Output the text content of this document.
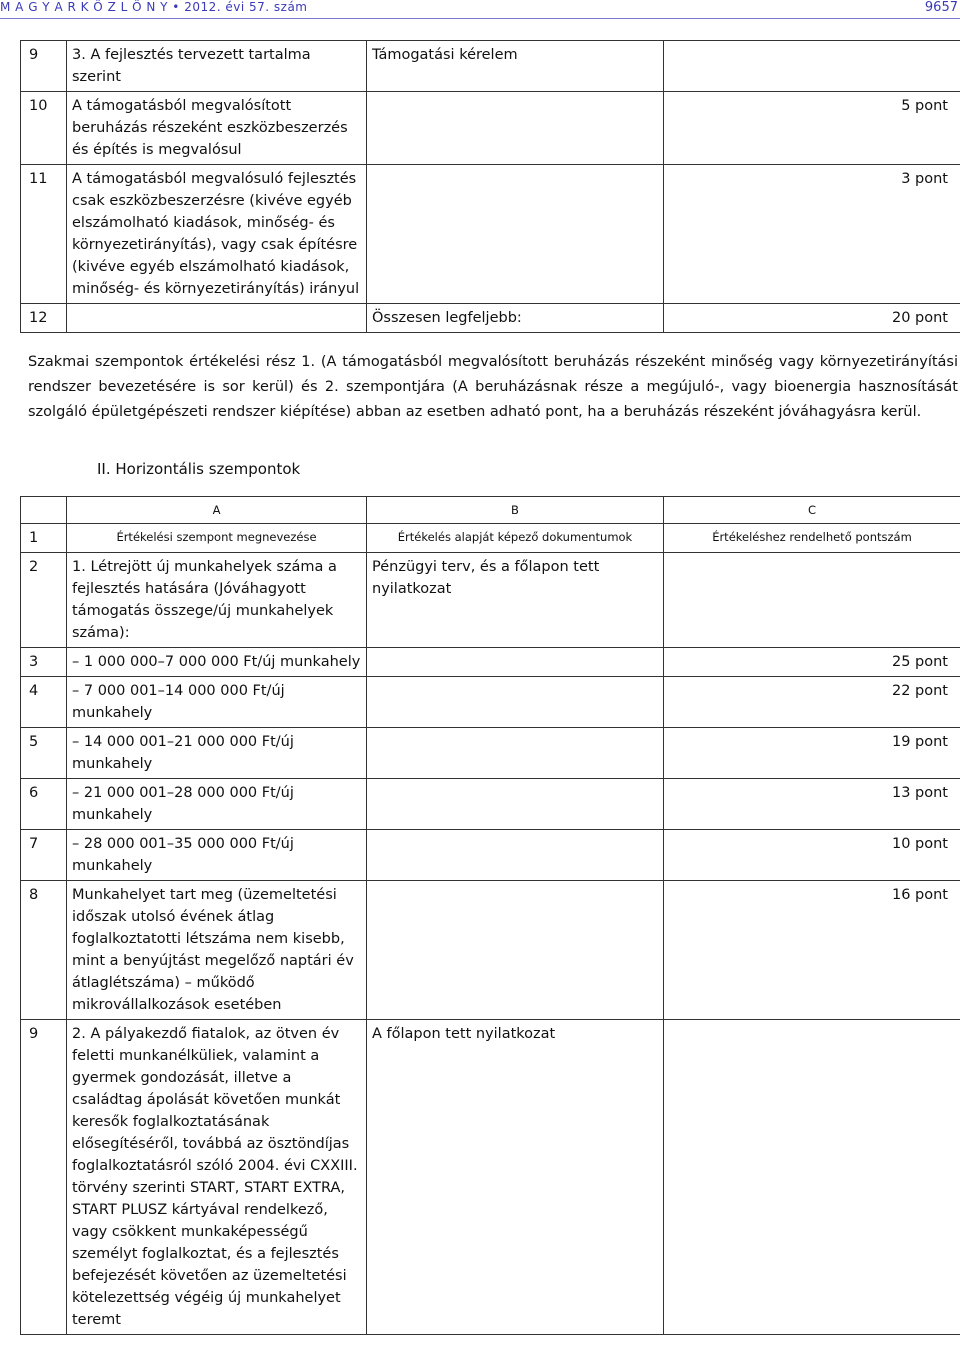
M A G Y A R K Ö Z L Ö N Y • 2012. évi 57. szám	9657
9	3. A fejlesztés tervezett tartalma szerint	Támogatási kérelem	
10	A támogatásból megvalósított beruházás részeként eszközbeszerzés és építés is megvalósul		5 pont
11	A támogatásból megvalósuló fejlesztés csak eszközbeszerzésre (kivéve egyéb elszámolható kiadások, minőség- és környezetirányítás), vagy csak építésre (kivéve egyéb elszámolható kiadások, minőség- és környezetirányítás) irányul		3 pont
12		Összesen legfeljebb:	20 pont
Szakmai szempontok értékelési rész 1. (A támogatásból megvalósított beruházás részeként minőség vagy környezetirányítási rendszer bevezetésére is sor kerül) és 2. szempontjára (A beruházásnak része a megújuló-, vagy bioenergia hasznosítását szolgáló épületgépészeti rendszer kiépítése) abban az esetben adható pont, ha a beruházás részeként jóváhagyásra kerül.
II. Horizontális szempontok
	A	B	C
1	Értékelési szempont megnevezése	Értékelés alapját képező dokumentumok	Értékeléshez rendelhető pontszám
2	1. Létrejött új munkahelyek száma a fejlesztés hatására (Jóváhagyott támogatás összege/új munkahelyek száma):	Pénzügyi terv, és a főlapon tett nyilatkozat	
3	– 1 000 000–7 000 000 Ft/új munkahely		25 pont
4	– 7 000 001–14 000 000 Ft/új munkahely		22 pont
5	– 14 000 001–21 000 000 Ft/új munkahely		19 pont
6	– 21 000 001–28 000 000 Ft/új munkahely		13 pont
7	– 28 000 001–35 000 000 Ft/új munkahely		10 pont
8	Munkahelyet tart meg (üzemeltetési időszak utolsó évének átlag foglalkoztatotti létszáma nem kisebb, mint a benyújtást megelőző naptári év átlaglétszáma) – működő mikrovállalkozások esetében		16 pont
9	2. A pályakezdő fiatalok, az ötven év feletti munkanélküliek, valamint a gyermek gondozását, illetve a családtag ápolását követően munkát keresők foglalkoztatásának elősegítéséről, továbbá az ösztöndíjas foglalkoztatásról szóló 2004. évi CXXIII. törvény szerinti START, START EXTRA, START PLUSZ kártyával rendelkező, vagy csökkent munkaképességű személyt foglalkoztat, és a fejlesztés befejezését követően az üzemeltetési kötelezettség végéig új munkahelyet teremt	A főlapon tett nyilatkozat	
